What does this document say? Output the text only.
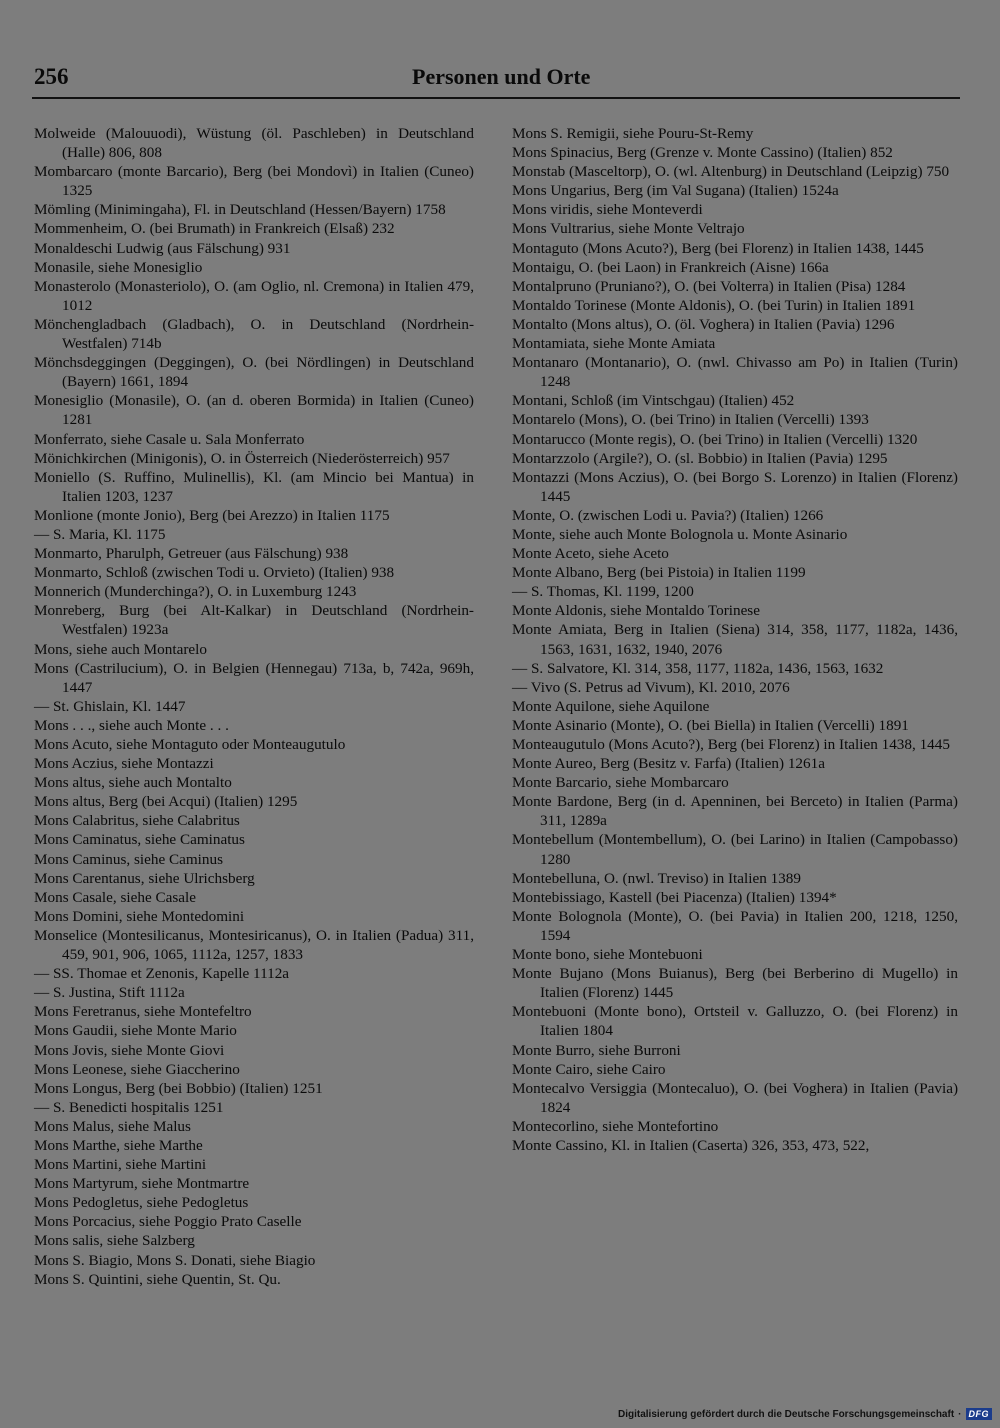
256	Personen und Orte
Molweide (Malouuodi), Wüstung (öl. Paschleben) in Deutschland (Halle) 806, 808
Mombarcaro (monte Barcario), Berg (bei Mondovì) in Italien (Cuneo) 1325
Mömling (Minimingaha), Fl. in Deutschland (Hessen/Bayern) 1758
Mommenheim, O. (bei Brumath) in Frankreich (Elsaß) 232
Monaldeschi Ludwig (aus Fälschung) 931
Monasile, siehe Monesiglio
Monasterolo (Monasteriolo), O. (am Oglio, nl. Cremona) in Italien 479, 1012
Mönchengladbach (Gladbach), O. in Deutschland (Nordrhein-Westfalen) 714b
Mönchsdeggingen (Deggingen), O. (bei Nördlingen) in Deutschland (Bayern) 1661, 1894
Monesiglio (Monasile), O. (an d. oberen Bormida) in Italien (Cuneo) 1281
Monferrato, siehe Casale u. Sala Monferrato
Mönichkirchen (Minigonis), O. in Österreich (Niederösterreich) 957
Moniello (S. Ruffino, Mulinellis), Kl. (am Mincio bei Mantua) in Italien 1203, 1237
Monlione (monte Jonio), Berg (bei Arezzo) in Italien 1175
— S. Maria, Kl. 1175
Monmarto, Pharulph, Getreuer (aus Fälschung) 938
Monmarto, Schloß (zwischen Todi u. Orvieto) (Italien) 938
Monnerich (Munderchinga?), O. in Luxemburg 1243
Monreberg, Burg (bei Alt-Kalkar) in Deutschland (Nordrhein-Westfalen) 1923a
Mons, siehe auch Montarelo
Mons (Castrilucium), O. in Belgien (Hennegau) 713a, b, 742a, 969h, 1447
— St. Ghislain, Kl. 1447
Mons . . ., siehe auch Monte . . .
Mons Acuto, siehe Montaguto oder Monteaugutulo
Mons Aczius, siehe Montazzi
Mons altus, siehe auch Montalto
Mons altus, Berg (bei Acqui) (Italien) 1295
Mons Calabritus, siehe Calabritus
Mons Caminatus, siehe Caminatus
Mons Caminus, siehe Caminus
Mons Carentanus, siehe Ulrichsberg
Mons Casale, siehe Casale
Mons Domini, siehe Montedomini
Monselice (Montesilicanus, Montesiricanus), O. in Italien (Padua) 311, 459, 901, 906, 1065, 1112a, 1257, 1833
— SS. Thomae et Zenonis, Kapelle 1112a
— S. Justina, Stift 1112a
Mons Feretranus, siehe Montefeltro
Mons Gaudii, siehe Monte Mario
Mons Jovis, siehe Monte Giovi
Mons Leonese, siehe Giaccherino
Mons Longus, Berg (bei Bobbio) (Italien) 1251
— S. Benedicti hospitalis 1251
Mons Malus, siehe Malus
Mons Marthe, siehe Marthe
Mons Martini, siehe Martini
Mons Martyrum, siehe Montmartre
Mons Pedogletus, siehe Pedogletus
Mons Porcacius, siehe Poggio Prato Caselle
Mons salis, siehe Salzberg
Mons S. Biagio, Mons S. Donati, siehe Biagio
Mons S. Quintini, siehe Quentin, St. Qu.
Mons S. Remigii, siehe Pouru-St-Remy
Mons Spinacius, Berg (Grenze v. Monte Cassino) (Italien) 852
Monstab (Masceltorp), O. (wl. Altenburg) in Deutschland (Leipzig) 750
Mons Ungarius, Berg (im Val Sugana) (Italien) 1524a
Mons viridis, siehe Monteverdi
Mons Vultrarius, siehe Monte Veltrajo
Montaguto (Mons Acuto?), Berg (bei Florenz) in Italien 1438, 1445
Montaigu, O. (bei Laon) in Frankreich (Aisne) 166a
Montalpruno (Pruniano?), O. (bei Volterra) in Italien (Pisa) 1284
Montaldo Torinese (Monte Aldonis), O. (bei Turin) in Italien 1891
Montalto (Mons altus), O. (öl. Voghera) in Italien (Pavia) 1296
Montamiata, siehe Monte Amiata
Montanaro (Montanario), O. (nwl. Chivasso am Po) in Italien (Turin) 1248
Montani, Schloß (im Vintschgau) (Italien) 452
Montarelo (Mons), O. (bei Trino) in Italien (Vercelli) 1393
Montarucco (Monte regis), O. (bei Trino) in Italien (Vercelli) 1320
Montarzzolo (Argile?), O. (sl. Bobbio) in Italien (Pavia) 1295
Montazzi (Mons Aczius), O. (bei Borgo S. Lorenzo) in Italien (Florenz) 1445
Monte, O. (zwischen Lodi u. Pavia?) (Italien) 1266
Monte, siehe auch Monte Bolognola u. Monte Asinario
Monte Aceto, siehe Aceto
Monte Albano, Berg (bei Pistoia) in Italien 1199
— S. Thomas, Kl. 1199, 1200
Monte Aldonis, siehe Montaldo Torinese
Monte Amiata, Berg in Italien (Siena) 314, 358, 1177, 1182a, 1436, 1563, 1631, 1632, 1940, 2076
— S. Salvatore, Kl. 314, 358, 1177, 1182a, 1436, 1563, 1632
— Vivo (S. Petrus ad Vivum), Kl. 2010, 2076
Monte Aquilone, siehe Aquilone
Monte Asinario (Monte), O. (bei Biella) in Italien (Vercelli) 1891
Monteaugutulo (Mons Acuto?), Berg (bei Florenz) in Italien 1438, 1445
Monte Aureo, Berg (Besitz v. Farfa) (Italien) 1261a
Monte Barcario, siehe Mombarcaro
Monte Bardone, Berg (in d. Apenninen, bei Berceto) in Italien (Parma) 311, 1289a
Montebellum (Montembellum), O. (bei Larino) in Italien (Campobasso) 1280
Montebelluna, O. (nwl. Treviso) in Italien 1389
Montebissiago, Kastell (bei Piacenza) (Italien) 1394*
Monte Bolognola (Monte), O. (bei Pavia) in Italien 200, 1218, 1250, 1594
Monte bono, siehe Montebuoni
Monte Bujano (Mons Buianus), Berg (bei Berberino di Mugello) in Italien (Florenz) 1445
Montebuoni (Monte bono), Ortsteil v. Galluzzo, O. (bei Florenz) in Italien 1804
Monte Burro, siehe Burroni
Monte Cairo, siehe Cairo
Montecalvo Versiggia (Montecaluo), O. (bei Voghera) in Italien (Pavia) 1824
Montecorlino, siehe Montefortino
Monte Cassino, Kl. in Italien (Caserta) 326, 353, 473, 522,
Digitalisierung gefördert durch die Deutsche Forschungsgemeinschaft · DFG
